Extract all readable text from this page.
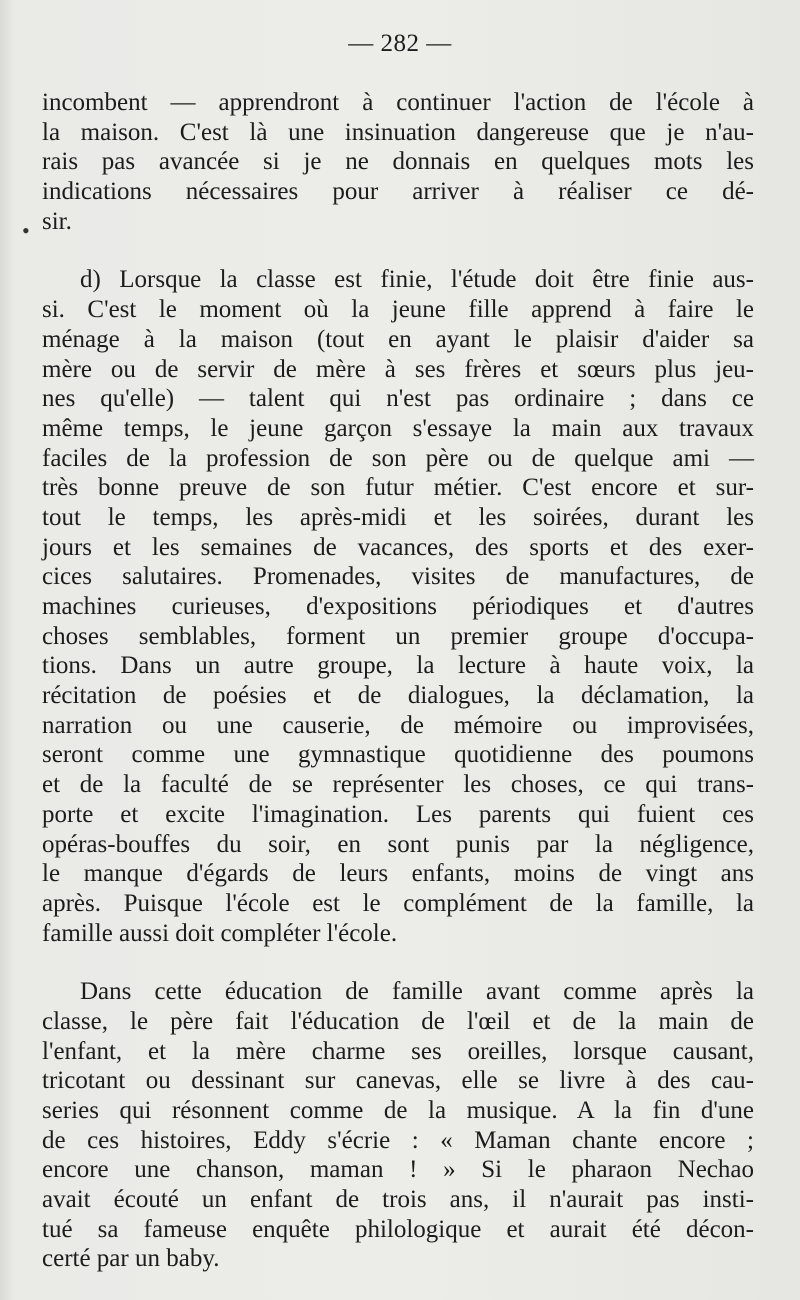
— 282 —
•
incombent — apprendront à continuer l'action de l'école à
la maison. C'est là une insinuation dangereuse que je n'au-
rais pas avancée si je ne donnais en quelques mots les
indications nécessaires pour arriver à réaliser ce dé-
sir.
d) Lorsque la classe est finie, l'étude doit être finie aus-
si. C'est le moment où la jeune fille apprend à faire le
ménage à la maison (tout en ayant le plaisir d'aider sa
mère ou de servir de mère à ses frères et sœurs plus jeu-
nes qu'elle) — talent qui n'est pas ordinaire ; dans ce
même temps, le jeune garçon s'essaye la main aux travaux
faciles de la profession de son père ou de quelque ami —
très bonne preuve de son futur métier. C'est encore et sur-
tout le temps, les après-midi et les soirées, durant les
jours et les semaines de vacances, des sports et des exer-
cices salutaires. Promenades, visites de manufactures, de
machines curieuses, d'expositions périodiques et d'autres
choses semblables, forment un premier groupe d'occupa-
tions. Dans un autre groupe, la lecture à haute voix, la
récitation de poésies et de dialogues, la déclamation, la
narration ou une causerie, de mémoire ou improvisées,
seront comme une gymnastique quotidienne des poumons
et de la faculté de se représenter les choses, ce qui trans-
porte et excite l'imagination. Les parents qui fuient ces
opéras-bouffes du soir, en sont punis par la négligence,
le manque d'égards de leurs enfants, moins de vingt ans
après. Puisque l'école est le complément de la famille, la
famille aussi doit compléter l'école.
Dans cette éducation de famille avant comme après la
classe, le père fait l'éducation de l'œil et de la main de
l'enfant, et la mère charme ses oreilles, lorsque causant,
tricotant ou dessinant sur canevas, elle se livre à des cau-
series qui résonnent comme de la musique. A la fin d'une
de ces histoires, Eddy s'écrie : « Maman chante encore ;
encore une chanson, maman ! » Si le pharaon Nechao
avait écouté un enfant de trois ans, il n'aurait pas insti-
tué sa fameuse enquête philologique et aurait été décon-
certé par un baby.
